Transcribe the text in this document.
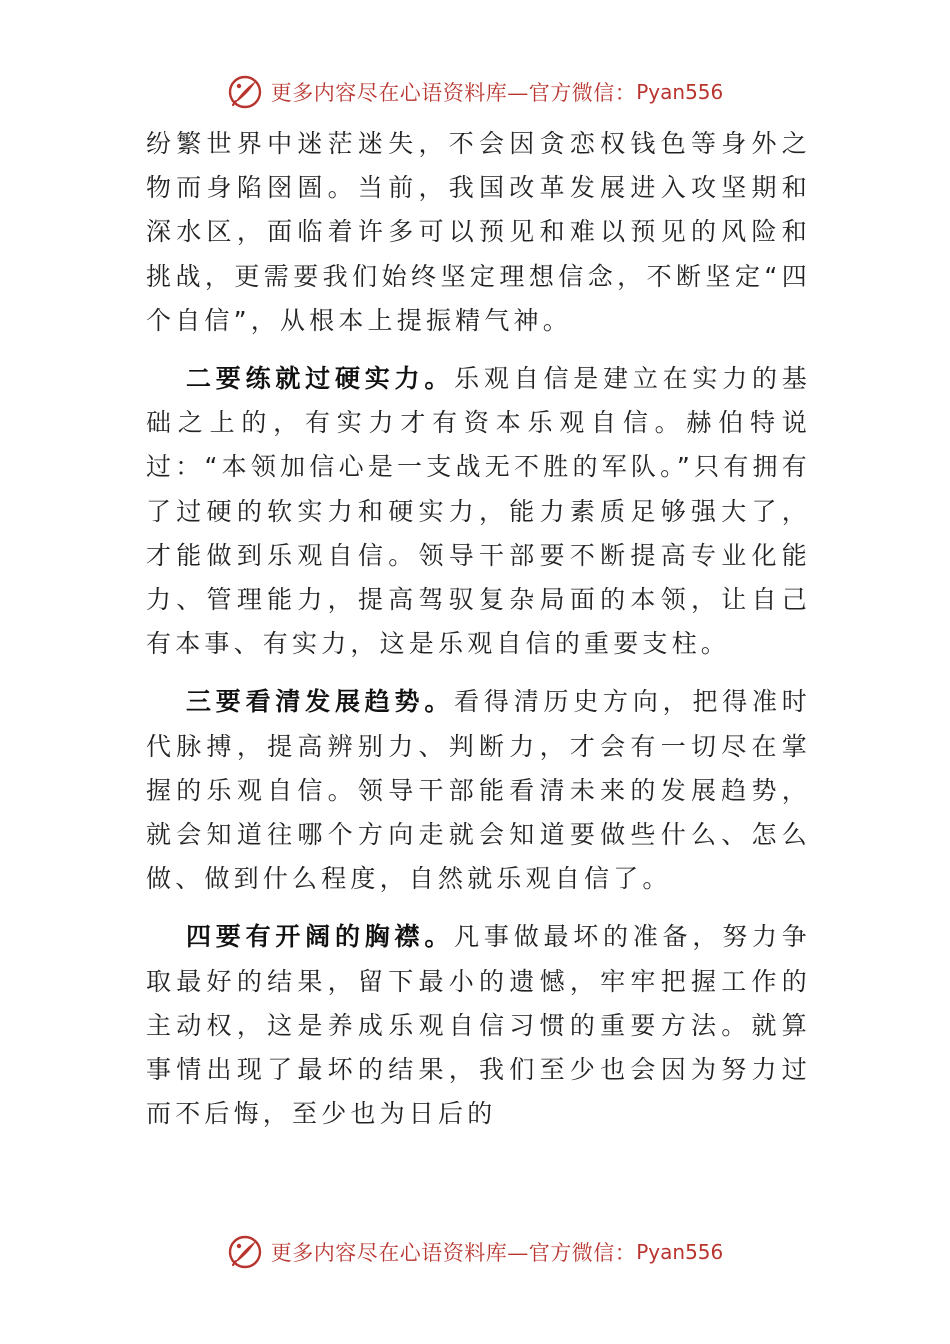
更多内容尽在心语资料库—官方微信： Pyan556

纷繁世界中迷茫迷失，不会因贪恋权钱色等身外之物而身陷囹圄。当前，我国改革发展进入攻坚期和深水区，面临着许多可以预见和难以预见的风险和挑战，更需要我们始终坚定理想信念，不断坚定“四个自信”，从根本上提振精气神。

二要练就过硬实力。乐观自信是建立在实力的基础之上的，有实力才有资本乐观自信。赫伯特说过：“本领加信心是一支战无不胜的军队。”只有拥有了过硬的软实力和硬实力，能力素质足够强大了，才能做到乐观自信。领导干部要不断提高专业化能力、管理能力，提高驾驭复杂局面的本领，让自己有本事、有实力，这是乐观自信的重要支柱。

三要看清发展趋势。看得清历史方向，把得准时代脉搏，提高辨别力、判断力，才会有一切尽在掌握的乐观自信。领导干部能看清未来的发展趋势，就会知道往哪个方向走就会知道要做些什么、怎么做、做到什么程度，自然就乐观自信了。

四要有开阔的胸襟。凡事做最坏的准备，努力争取最好的结果，留下最小的遗憾，牢牢把握工作的主动权，这是养成乐观自信习惯的重要方法。就算事情出现了最坏的结果，我们至少也会因为努力过而不后悔，至少也为日后的

更多内容尽在心语资料库—官方微信： Pyan556
